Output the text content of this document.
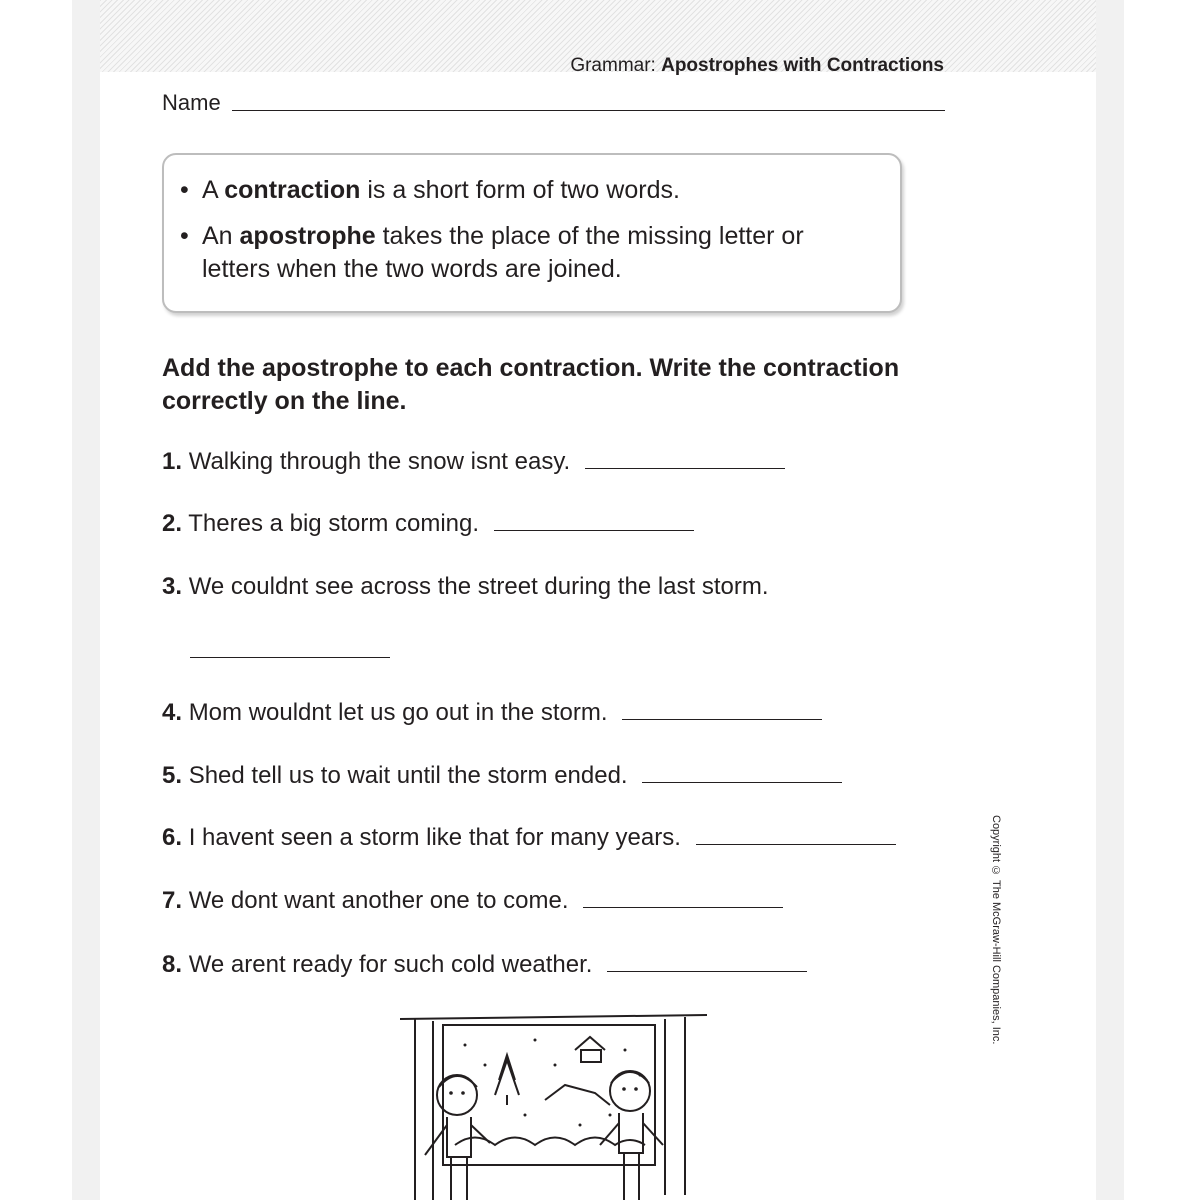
Grammar: Apostrophes with Contractions
Name
• A contraction is a short form of two words.
• An apostrophe takes the place of the missing letter or letters when the two words are joined.
Add the apostrophe to each contraction. Write the contraction correctly on the line.
1. Walking through the snow isnt easy.
2. Theres a big storm coming.
3. We couldnt see across the street during the last storm.
4. Mom wouldnt let us go out in the storm.
5. Shed tell us to wait until the storm ended.
6. I havent seen a storm like that for many years.
7. We dont want another one to come.
8. We arent ready for such cold weather.	Copyright © The McGraw-Hill Companies, Inc.
